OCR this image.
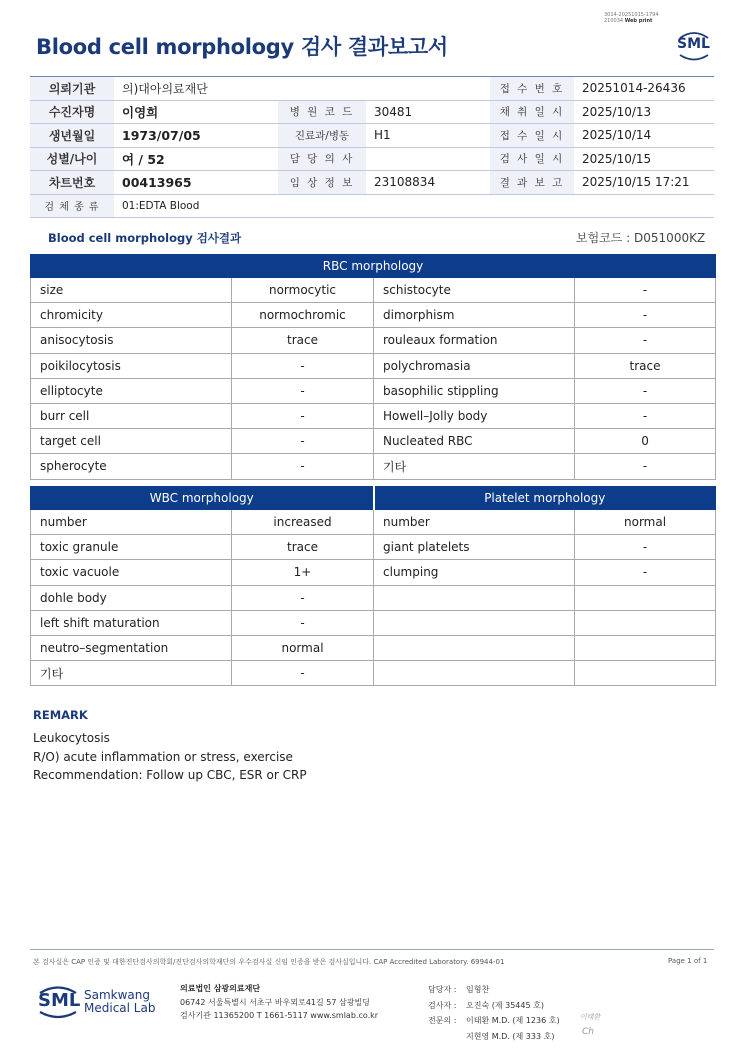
3014-20251015-1794
210034 Web print
Blood cell morphology 검사 결과보고서	SML
의뢰기관	의)대아의료재단			접 수 번 호	20251014-26436
수진자명	이영희	병 원 코 드	30481	채 취 일 시	2025/10/13
생년월일	1973/07/05	진료과/병동	H1	접 수 일 시	2025/10/14
성별/나이	여 / 52	담 당 의 사		검 사 일 시	2025/10/15
차트번호	00413965	임 상 정 보	23108834	결 과 보 고	2025/10/15 17:21
검 체 종 류	01:EDTA Blood				
Blood cell morphology 검사결과	보험코드 : D051000KZ
RBC morphology			
size	normocytic	schistocyte	-
chromicity	normochromic	dimorphism	-
anisocytosis	trace	rouleaux formation	-
poikilocytosis	-	polychromasia	trace
elliptocyte	-	basophilic stippling	-
burr cell	-	Howell–Jolly body	-
target cell	-	Nucleated RBC	0
spherocyte	-	기타	-
WBC morphology		Platelet morphology	
number	increased	number	normal
toxic granule	trace	giant platelets	-
toxic vacuole	1+	clumping	-
dohle body	-		
left shift maturation	-		
neutro–segmentation	normal		
기타	-		
REMARK
Leukocytosis
R/O) acute inflammation or stress, exercise
Recommendation: Follow up CBC, ESR or CRP
본 검사실은 CAP 인증 및 대한진단검사의학회/진단검사의학재단의 우수검사실 신임 인증을 받은 검사실입니다. CAP Accredited Laboratory. 69944-01	Page 1 of 1
SML Samkwang
Medical Lab
의료법인 삼광의료재단
06742 서울특별시 서초구 바우뫼로41길 57 삼광빌딩
검사기관 11365200 T 1661-5117 www.smlab.co.kr
담당자 : 임형찬
검사자 : 오진숙 (제 35445 호)
전문의 : 이태환 M.D. (제 1236 호)
지현영 M.D. (제 333 호)
이태환
Ch
